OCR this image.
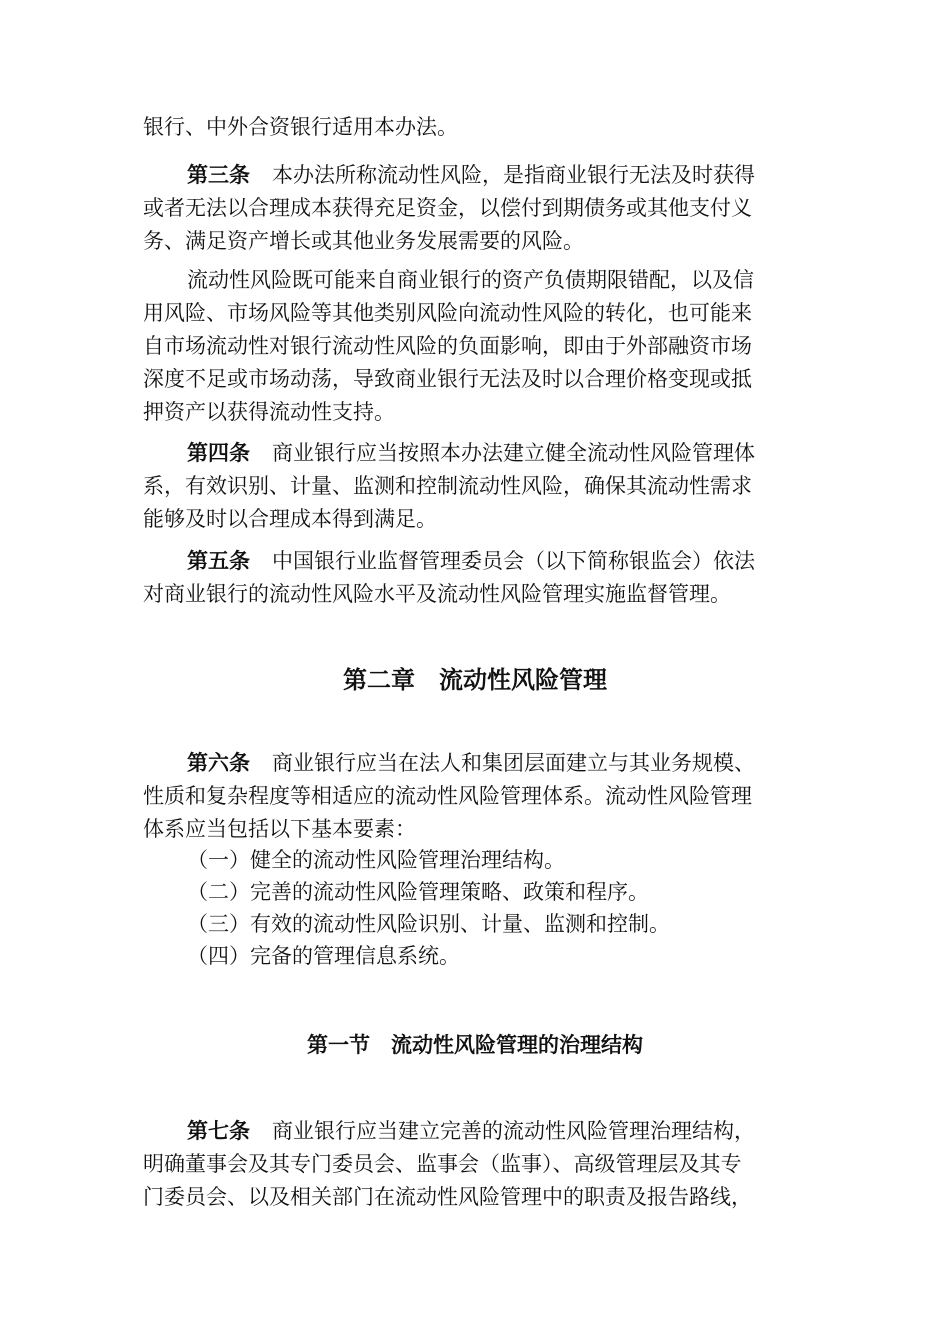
银行、中外合资银行适用本办法。

第三条 本办法所称流动性风险，是指商业银行无法及时获得

或者无法以合理成本获得充足资金，以偿付到期债务或其他支付义

务、满足资产增长或其他业务发展需要的风险。

流动性风险既可能来自商业银行的资产负债期限错配，以及信

用风险、市场风险等其他类别风险向流动性风险的转化，也可能来

自市场流动性对银行流动性风险的负面影响，即由于外部融资市场

深度不足或市场动荡，导致商业银行无法及时以合理价格变现或抵

押资产以获得流动性支持。

第四条 商业银行应当按照本办法建立健全流动性风险管理体

系，有效识别、计量、监测和控制流动性风险，确保其流动性需求

能够及时以合理成本得到满足。

第五条 中国银行业监督管理委员会（以下简称银监会）依法

对商业银行的流动性风险水平及流动性风险管理实施监督管理。

第二章　流动性风险管理

第六条 商业银行应当在法人和集团层面建立与其业务规模、

性质和复杂程度等相适应的流动性风险管理体系。流动性风险管理

体系应当包括以下基本要素：

（一）健全的流动性风险管理治理结构。

（二）完善的流动性风险管理策略、政策和程序。

（三）有效的流动性风险识别、计量、监测和控制。

（四）完备的管理信息系统。

第一节　流动性风险管理的治理结构

第七条 商业银行应当建立完善的流动性风险管理治理结构，

明确董事会及其专门委员会、监事会（监事）、高级管理层及其专

门委员会、以及相关部门在流动性风险管理中的职责及报告路线，
